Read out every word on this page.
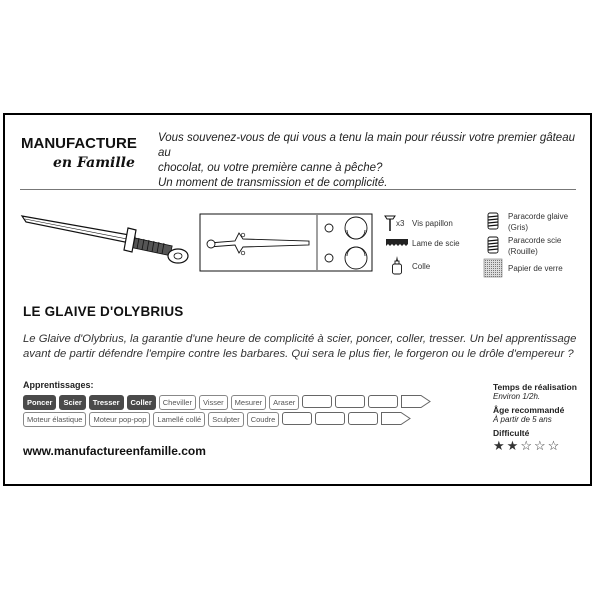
MANUFACTURE
en Famille
Vous souvenez-vous de qui vous a tenu la main pour réussir votre premier gâteau au
chocolat, ou votre première canne à pêche?
Un moment de transmission et de complicité.
x3 Vis papillon
Lame de scie
Colle
Paracorde glaive
(Gris)
Paracorde scie
(Rouille)
Papier de verre
LE GLAIVE D'OLYBRIUS
Le Glaive d'Olybrius, la garantie d'une heure de complicité à scier, poncer, coller, tresser. Un bel apprentissage
avant de partir défendre l'empire contre les barbares. Qui sera le plus fier, le forgeron ou le drôle d'empereur ?
Apprentissages:
Poncer	Scier	Tresser	Coller	Cheviller	Visser	Mesurer	Araser
Moteur élastique	Moteur pop-pop	Lamellé collé	Sculpter	Coudre
www.manufactureenfamille.com
Temps de réalisation
Environ 1/2h.
Âge recommandé
À partir de 5 ans
Difficulté
★ ★ ☆ ☆ ☆
